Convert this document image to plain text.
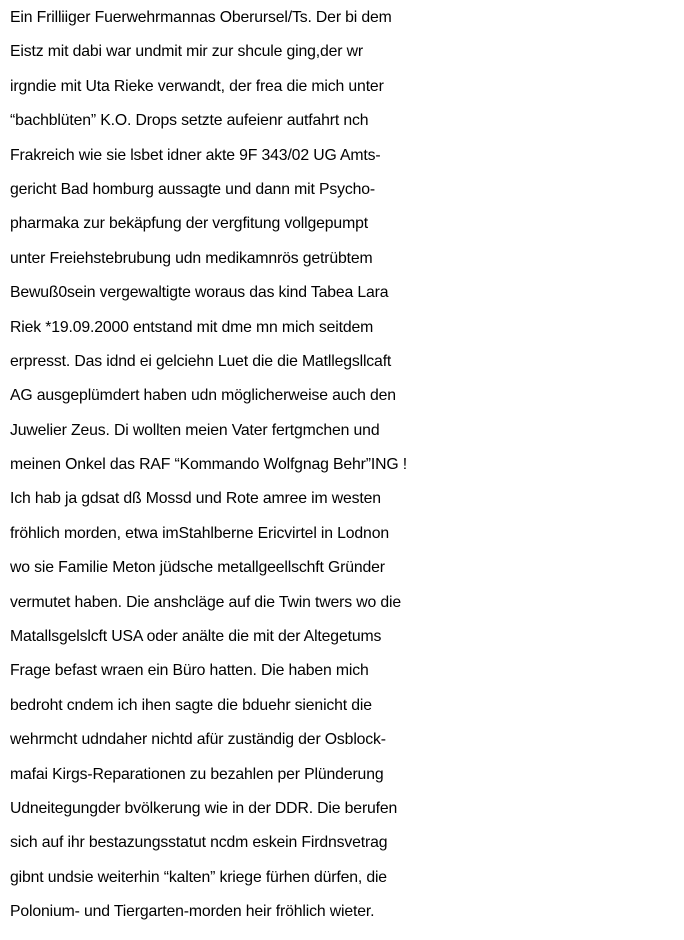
Ein Frilliiger Fuerwehrmannas Oberursel/Ts. Der bi dem
Eistz mit dabi war undmit mir zur shcule ging,der wr
irgndie mit Uta Rieke verwandt, der frea die mich unter
“bachblüten” K.O. Drops setzte aufeienr autfahrt nch
Frakreich wie sie lsbet idner akte 9F 343/02 UG Amts-
gericht Bad homburg aussagte und dann mit Psycho-
pharmaka zur bekäpfung der vergfitung vollgepumpt
unter Freiehstebrubung udn medikamnrös getrübtem
Bewuß0sein vergewaltigte woraus das kind Tabea Lara
Riek *19.09.2000 entstand mit dme mn mich seitdem
erpresst. Das idnd ei gelciehn Luet die die Matllegsllcaft
AG ausgeplümdert haben udn möglicherweise auch den
Juwelier Zeus. Di wollten meien Vater fertgmchen und
meinen Onkel das RAF “Kommando Wolfgnag Behr”ING !
Ich hab ja gdsat dß Mossd und Rote amree im westen
fröhlich morden, etwa imStahlberne Ericvirtel in Lodnon
wo sie Familie Meton jüdsche metallgeellschft Gründer
vermutet haben. Die anshcläge auf die Twin twers wo die
Matallsgelslcft USA oder anälte die mit der Altegetums
Frage befast wraen ein Büro hatten. Die haben mich
bedroht cndem ich ihen sagte die bduehr sienicht die
wehrmcht udndaher nichtd afür zuständig der Osblock-
mafai Kirgs-Reparationen zu bezahlen per Plünderung
Udneitegungder bvölkerung wie in der DDR. Die berufen
sich auf ihr bestazungsstatut ncdm eskein Firdnsvetrag
gibnt undsie weiterhin “kalten” kriege fürhen dürfen, die
Polonium- und Tiergarten-morden heir fröhlich wieter.
